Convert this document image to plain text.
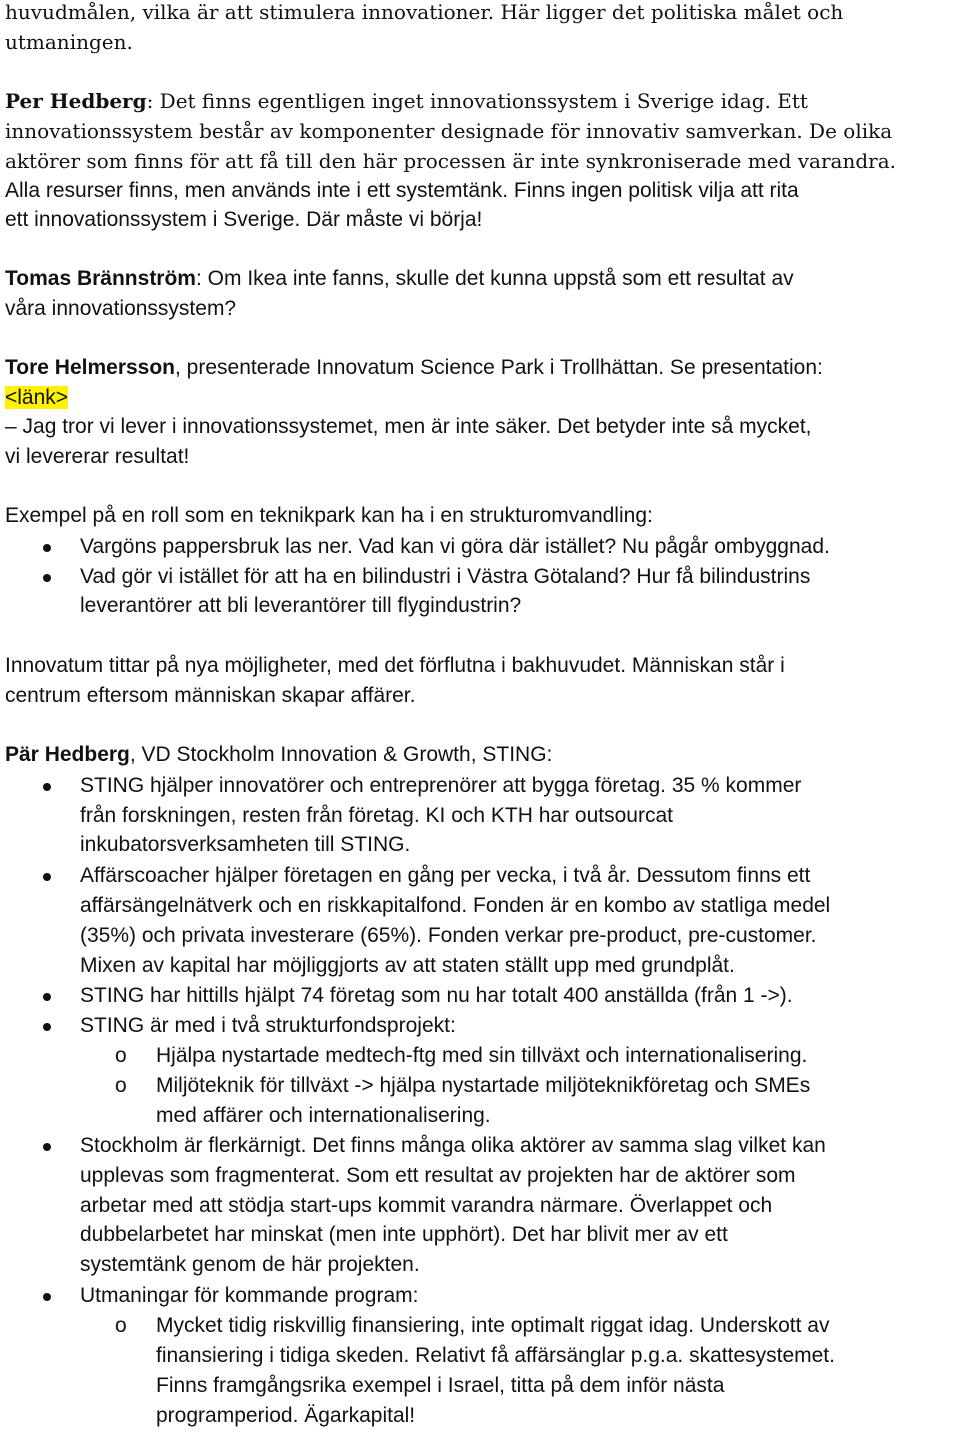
huvudmålen, vilka är att stimulera innovationer. Här ligger det politiska målet och
utmaningen.
Per Hedberg: Det finns egentligen inget innovationssystem i Sverige idag. Ett
innovationssystem består av komponenter designade för innovativ samverkan. De olika
aktörer som finns för att få till den här processen är inte synkroniserade med varandra.
Alla resurser finns, men används inte i ett systemtänk. Finns ingen politisk vilja att rita
ett innovationssystem i Sverige. Där måste vi börja!
Tomas Brännström: Om Ikea inte fanns, skulle det kunna uppstå som ett resultat av
våra innovationssystem?
Tore Helmersson, presenterade Innovatum Science Park i Trollhättan. Se presentation:
<länk>
– Jag tror vi lever i innovationssystemet, men är inte säker. Det betyder inte så mycket,
vi levererar resultat!
Exempel på en roll som en teknikpark kan ha i en strukturomvandling:
Vargöns pappersbruk las ner. Vad kan vi göra där istället? Nu pågår ombyggnad.
Vad gör vi istället för att ha en bilindustri i Västra Götaland? Hur få bilindustrins
leverantörer att bli leverantörer till flygindustrin?
Innovatum tittar på nya möjligheter, med det förflutna i bakhuvudet. Människan står i
centrum eftersom människan skapar affärer.
Pär Hedberg, VD Stockholm Innovation & Growth, STING:
STING hjälper innovatörer och entreprenörer att bygga företag. 35 % kommer
från forskningen, resten från företag. KI och KTH har outsourcat
inkubatorsverksamheten till STING.
Affärscoacher hjälper företagen en gång per vecka, i två år. Dessutom finns ett
affärsängelnätverk och en riskkapitalfond. Fonden är en kombo av statliga medel
(35%) och privata investerare (65%). Fonden verkar pre-product, pre-customer.
Mixen av kapital har möjliggjorts av att staten ställt upp med grundplåt.
STING har hittills hjälpt 74 företag som nu har totalt 400 anställda (från 1 ->).
STING är med i två strukturfondsprojekt:
o Hjälpa nystartade medtech-ftg med sin tillväxt och internationalisering.
o Miljöteknik för tillväxt -> hjälpa nystartade miljöteknikföretag och SMEs
med affärer och internationalisering.
Stockholm är flerkärnigt. Det finns många olika aktörer av samma slag vilket kan
upplevas som fragmenterat. Som ett resultat av projekten har de aktörer som
arbetar med att stödja start-ups kommit varandra närmare. Överlappet och
dubbelarbetet har minskat (men inte upphört). Det har blivit mer av ett
systemtänk genom de här projekten.
Utmaningar för kommande program:
o Mycket tidig riskvillig finansiering, inte optimalt riggat idag. Underskott av
finansiering i tidiga skeden. Relativt få affärsänglar p.g.a. skattesystemet.
Finns framgångsrika exempel i Israel, titta på dem inför nästa
programperiod. Ägarkapital!
